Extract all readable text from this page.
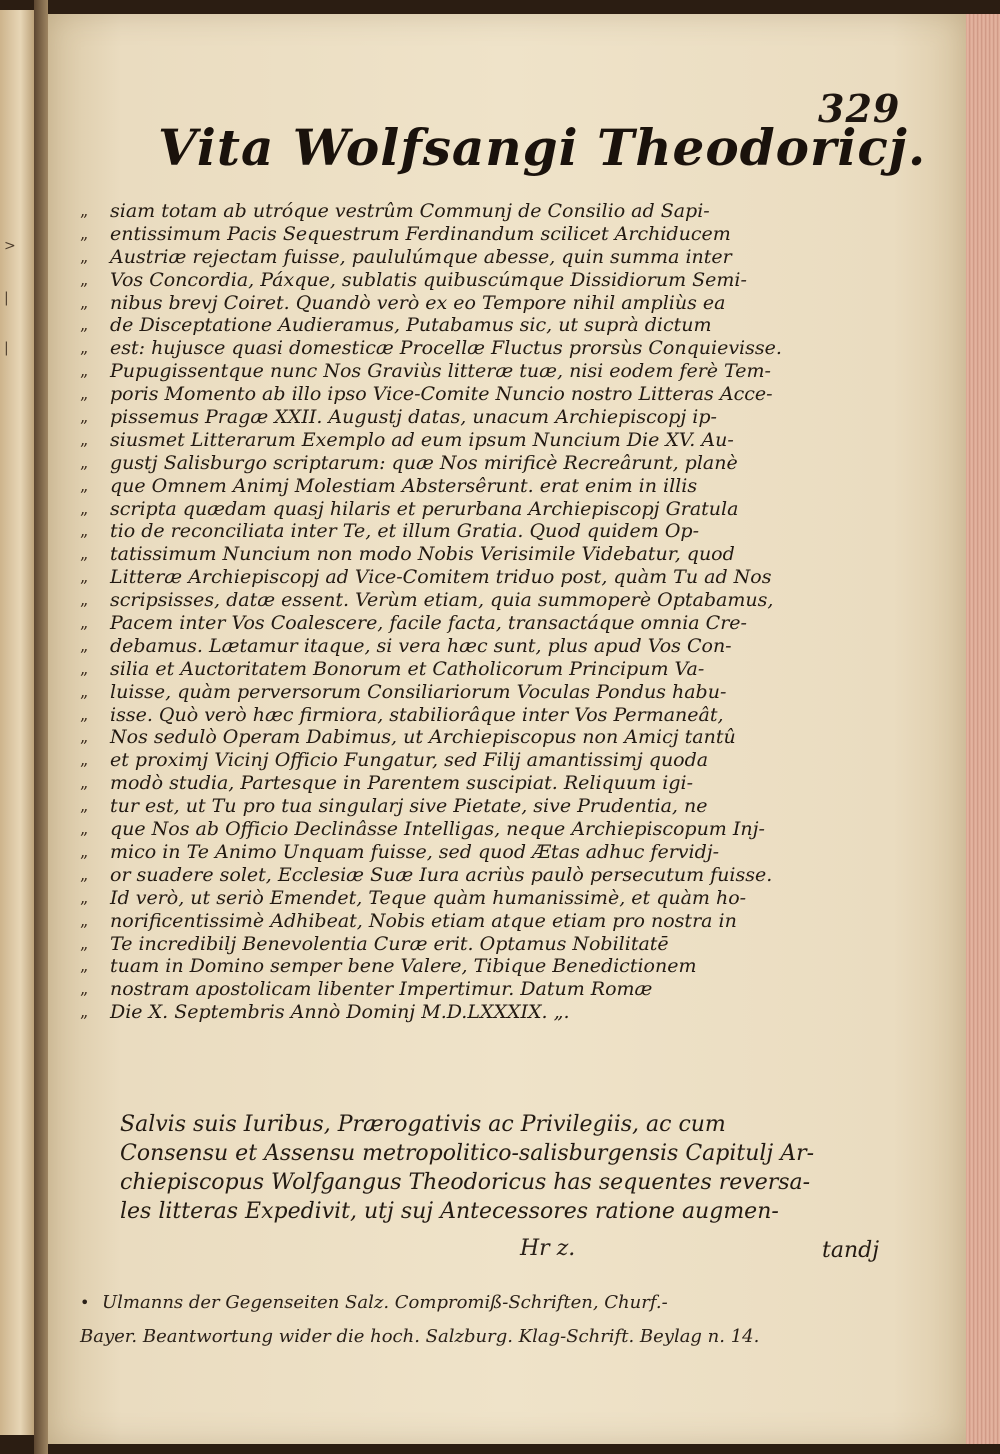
>
|
|
329
Vita Wolfsangi Theodoricj.
„ siam totam ab utróque vestrûm Communj de Consilio ad Sapi-
„ entissimum Pacis Sequestrum Ferdinandum scilicet Archiducem
„ Austriæ rejectam fuisse, paululúmque abesse, quin summa inter
„ Vos Concordia, Páxque, sublatis quibuscúmque Dissidiorum Semi-
„ nibus brevj Coiret. Quandò verò ex eo Tempore nihil ampliùs ea
„ de Disceptatione Audieramus, Putabamus sic, ut suprà dictum
„ est: hujusce quasi domesticæ Procellæ Fluctus prorsùs Conquievisse.
„ Pupugissentque nunc Nos Graviùs litteræ tuæ, nisi eodem ferè Tem-
„ poris Momento ab illo ipso Vice-Comite Nuncio nostro Litteras Acce-
„ pissemus Pragæ XXII. Augustj datas, unacum Archiepiscopj ip-
„ siusmet Litterarum Exemplo ad eum ipsum Nuncium Die XV. Au-
„ gustj Salisburgo scriptarum: quæ Nos mirificè Recreârunt, planè
„ que Omnem Animj Molestiam Abstersêrunt. erat enim in illis
„ scripta quædam quasj hilaris et perurbana Archiepiscopj Gratula
„ tio de reconciliata inter Te, et illum Gratia. Quod quidem Op-
„ tatissimum Nuncium non modo Nobis Verisimile Videbatur, quod
„ Litteræ Archiepiscopj ad Vice-Comitem triduo post, quàm Tu ad Nos
„ scripsisses, datæ essent. Verùm etiam, quia summoperè Optabamus,
„ Pacem inter Vos Coalescere, facile facta, transactáque omnia Cre-
„ debamus. Lætamur itaque, si vera hæc sunt, plus apud Vos Con-
„ silia et Auctoritatem Bonorum et Catholicorum Principum Va-
„ luisse, quàm perversorum Consiliariorum Voculas Pondus habu-
„ isse. Quò verò hæc firmiora, stabiliorâque inter Vos Permaneât,
„ Nos sedulò Operam Dabimus, ut Archiepiscopus non Amicj tantû
„ et proximj Vicinj Officio Fungatur, sed Filij amantissimj quoda
„ modò studia, Partesque in Parentem suscipiat. Reliquum igi-
„ tur est, ut Tu pro tua singularj sive Pietate, sive Prudentia, ne
„ que Nos ab Officio Declinâsse Intelligas, neque Archiepiscopum Inj-
„ mico in Te Animo Unquam fuisse, sed quod Ætas adhuc fervidj-
„ or suadere solet, Ecclesiæ Suæ Iura acriùs paulò persecutum fuisse.
„ Id verò, ut seriò Emendet, Teque quàm humanissimè, et quàm ho-
„ norificentissimè Adhibeat, Nobis etiam atque etiam pro nostra in
„ Te incredibilj Benevolentia Curæ erit. Optamus Nobilitatē
„ tuam in Domino semper bene Valere, Tibique Benedictionem
„ nostram apostolicam libenter Impertimur. Datum Romæ
„ Die X. Septembris Annò Dominj M.D.LXXXIX. „.
Salvis suis Iuribus, Prærogativis ac Privilegiis, ac cum
Consensu et Assensu metropolitico-salisburgensis Capitulj Ar-
chiepiscopus Wolfgangus Theodoricus has sequentes reversa-
les litteras Expedivit, utj suj Antecessores ratione augmen-
Hr z.	tandj
• Ulmanns der Gegenseiten Salz. Compromiß-Schriften, Churf.-
Bayer. Beantwortung wider die hoch. Salzburg. Klag-Schrift. Beylag n. 14.
